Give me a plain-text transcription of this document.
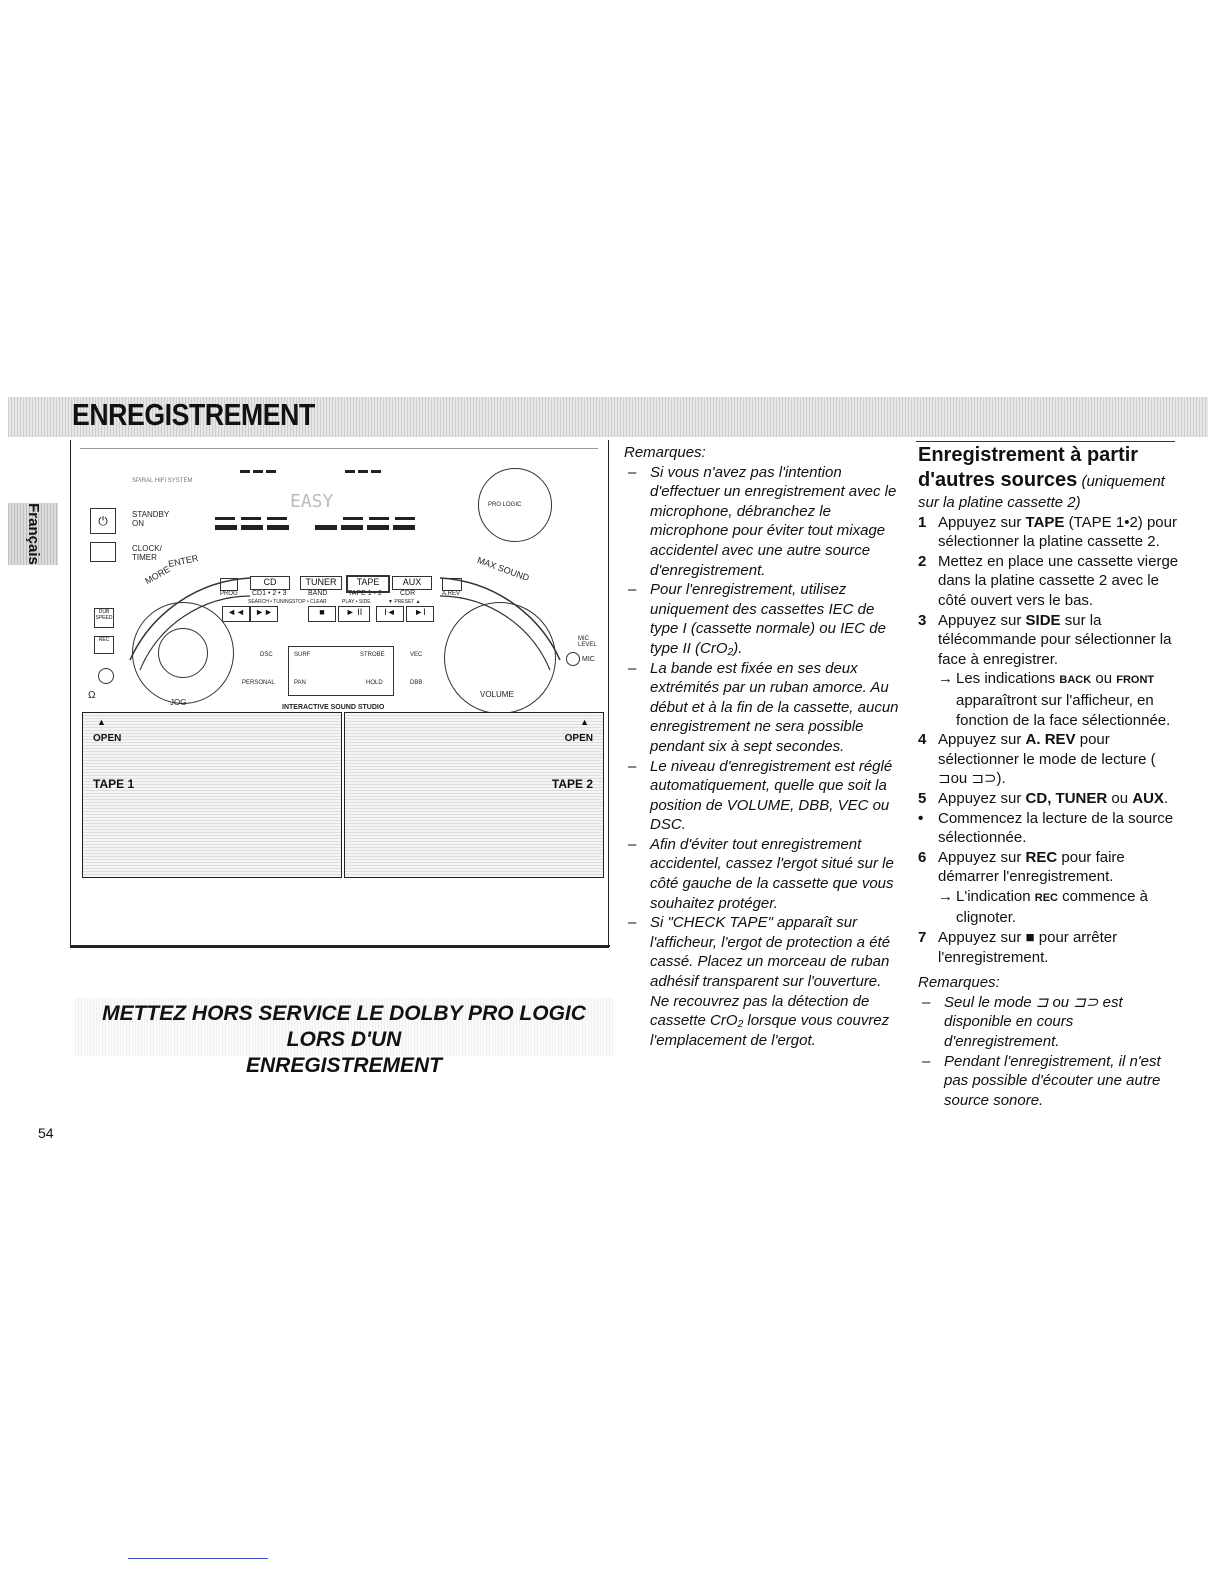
ENREGISTREMENT
Français
SPIRAL HIFI SYSTEM
EASY	PRO LOGIC
⏻	STANDBY
ON
CLOCK/
TIMER
CD	TUNER	TAPE	AUX
CD1 • 2 • 3	BAND	TAPE 1 • 2	CDR
SEARCH • TUNING STOP • CLEAR	PLAY • SIDE	▼ PRESET ▲
PROG	A.REV
◄◄	►►	■	► II	I◄	►I
MORE
ENTER	MAX SOUND
JOG
VOLUME
DUB SPEED
REC
Ω
DSC
PERSONAL
SURF	STROBE
PAN	HOLD
VEC
DBB
MIC
LEVEL
MIC
INTERACTIVE SOUND STUDIO
▲
OPEN
TAPE 1
▲
OPEN
TAPE 2
METTEZ HORS SERVICE LE DOLBY PRO LOGIC LORS D'UN
ENREGISTREMENT
Remarques:
– Si vous n'avez pas l'intention d'effectuer un enregistrement avec le microphone, débranchez le microphone pour éviter tout mixage accidentel avec une autre source d'enregistrement.
– Pour l'enregistrement, utilisez uniquement des cassettes IEC de type I (cassette normale) ou IEC de type II (CrO₂).
– La bande est fixée en ses deux extrémités par un ruban amorce. Au début et à la fin de la cassette, aucun enregistrement ne sera possible pendant six à sept secondes.
– Le niveau d'enregistrement est réglé automatiquement, quelle que soit la position de VOLUME, DBB, VEC ou DSC.
– Afin d'éviter tout enregistrement accidentel, cassez l'ergot situé sur le côté gauche de la cassette que vous souhaitez protéger.
– Si "CHECK TAPE" apparaît sur l'afficheur, l'ergot de protection a été cassé. Placez un morceau de ruban adhésif transparent sur l'ouverture. Ne recouvrez pas la détection de cassette CrO₂ lorsque vous couvrez l'emplacement de l'ergot.
Enregistrement à partir
d'autres sources (uniquement sur la platine cassette 2)
1 Appuyez sur TAPE (TAPE 1•2) pour sélectionner la platine cassette 2.
2 Mettez en place une cassette vierge dans la platine cassette 2 avec le côté ouvert vers le bas.
3 Appuyez sur SIDE sur la télécommande pour sélectionner la face à enregistrer.
→ Les indications BACK ou FRONT apparaîtront sur l'afficheur, en fonction de la face sélectionnée.
4 Appuyez sur A. REV pour sélectionner le mode de lecture ( ⊐ou ⊐⊃).
5 Appuyez sur CD, TUNER ou AUX.
• Commencez la lecture de la source sélectionnée.
6 Appuyez sur REC pour faire démarrer l'enregistrement.
→ L'indication REC commence à clignoter.
7 Appuyez sur ■ pour arrêter l'enregistrement.
Remarques:
– Seul le mode ⊐ ou ⊐⊃ est disponible en cours d'enregistrement.
– Pendant l'enregistrement, il n'est pas possible d'écouter une autre source sonore.
54
